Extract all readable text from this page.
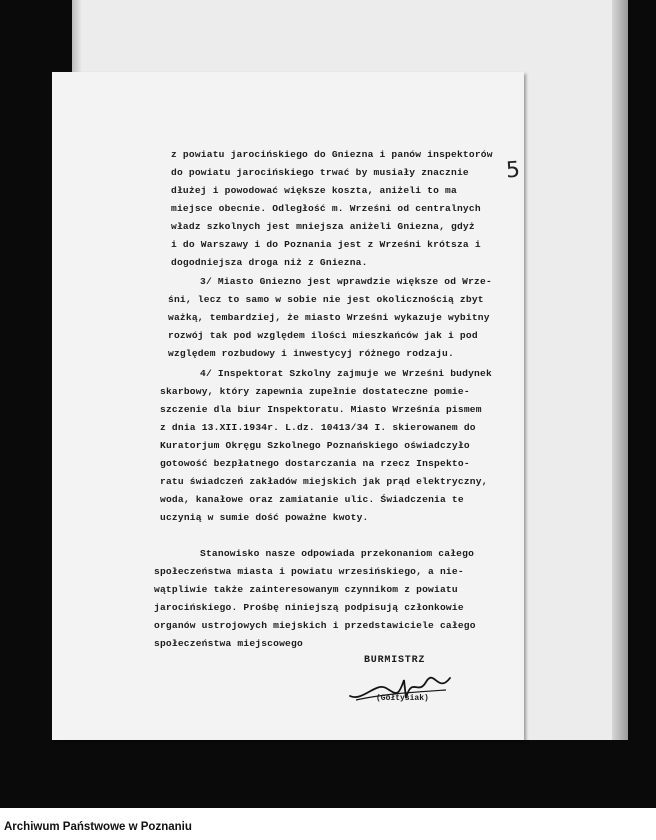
5
z powiatu jarocińskiego do Gniezna i panów inspektorów
do powiatu jarocińskiego trwać by musiały znacznie
dłużej i powodować większe koszta, aniżeli to ma
miejsce obecnie. Odległość m. Wrześni od centralnych
władz szkolnych jest mniejsza aniżeli Gniezna, gdyż
i do Warszawy i do Poznania jest z Wrześni krótsza i
dogodniejsza droga niż z Gniezna.
3/ Miasto Gniezno jest wprawdzie większe od Wrze-
śni, lecz to samo w sobie nie jest okolicznością zbyt
ważką, tembardziej, że miasto Wrześni wykazuje wybitny
rozwój tak pod względem ilości mieszkańców jak i pod
względem rozbudowy i inwestycyj różnego rodzaju.
4/ Inspektorat Szkolny zajmuje we Wrześni budynek
skarbowy, który zapewnia zupełnie dostateczne pomie-
szczenie dla biur Inspektoratu. Miasto Wrześnía pismem
z dnia 13.XII.1934r. L.dz. 10413/34 I. skierowanem do
Kuratorjum Okręgu Szkolnego Poznańskiego oświadczyło
gotowość bezpłatnego dostarczania na rzecz Inspekto-
ratu świadczeń zakładów miejskich jak prąd elektryczny,
woda, kanałowe oraz zamiatanie ulic. Świadczenia te
uczynią w sumie dość poważne kwoty.
Stanowisko nasze odpowiada przekonaniom całego
społeczeństwa miasta i powiatu wrzesińskiego, a nie-
wątpliwie także zainteresowanym czynnikom z powiatu
jarocińskiego. Prośbę niniejszą podpisują członkowie
organów ustrojowych miejskich i przedstawiciele całego
społeczeństwa miejscowego
BURMISTRZ
(Gołtysiak)
Archiwum Państwowe w Poznaniu
